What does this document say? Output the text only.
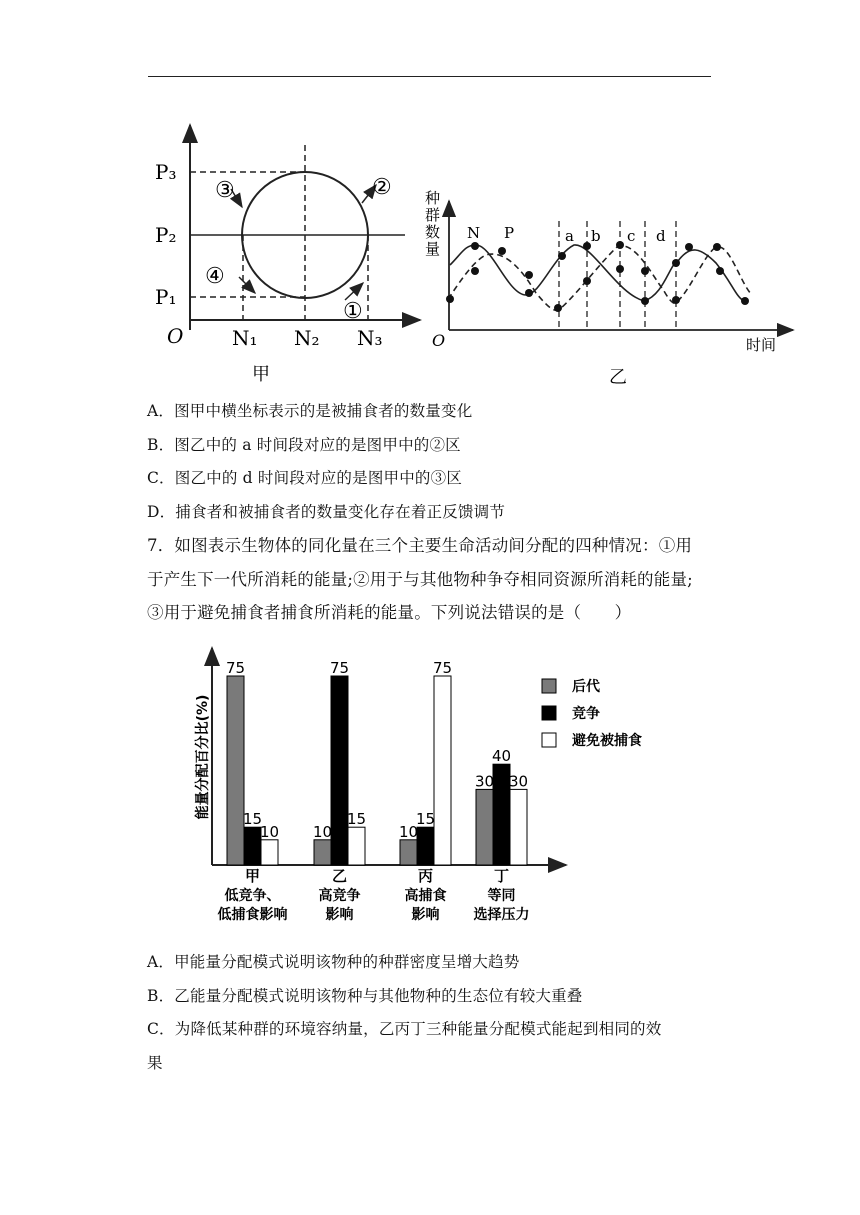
P₃
P₂
P₁
O N₁ N₂ N₃
②
③
④
①
甲
种
群
数
量
O	时间
N P	a b c d
乙
A．图甲中横坐标表示的是被捕食者的数量变化
B．图乙中的 a 时间段对应的是图甲中的②区
C．图乙中的 d 时间段对应的是图甲中的③区
D．捕食者和被捕食者的数量变化存在着正反馈调节
7．如图表示生物体的同化量在三个主要生命活动间分配的四种情况：①用
于产生下一代所消耗的能量;②用于与其他物种争夺相同资源所消耗的能量;
③用于避免捕食者捕食所消耗的能量。下列说法错误的是（　　）
能量分配百分比(%)
75
15
10 10
75
15
10
15
75
30
40
30
甲
低竞争、
低捕食影响
乙
高竞争
影响
丙
高捕食
影响
丁
等同
选择压力
后代
竞争
避免被捕食
A．甲能量分配模式说明该物种的种群密度呈增大趋势
B．乙能量分配模式说明该物种与其他物种的生态位有较大重叠
C．为降低某种群的环境容纳量，乙丙丁三种能量分配模式能起到相同的效
果
